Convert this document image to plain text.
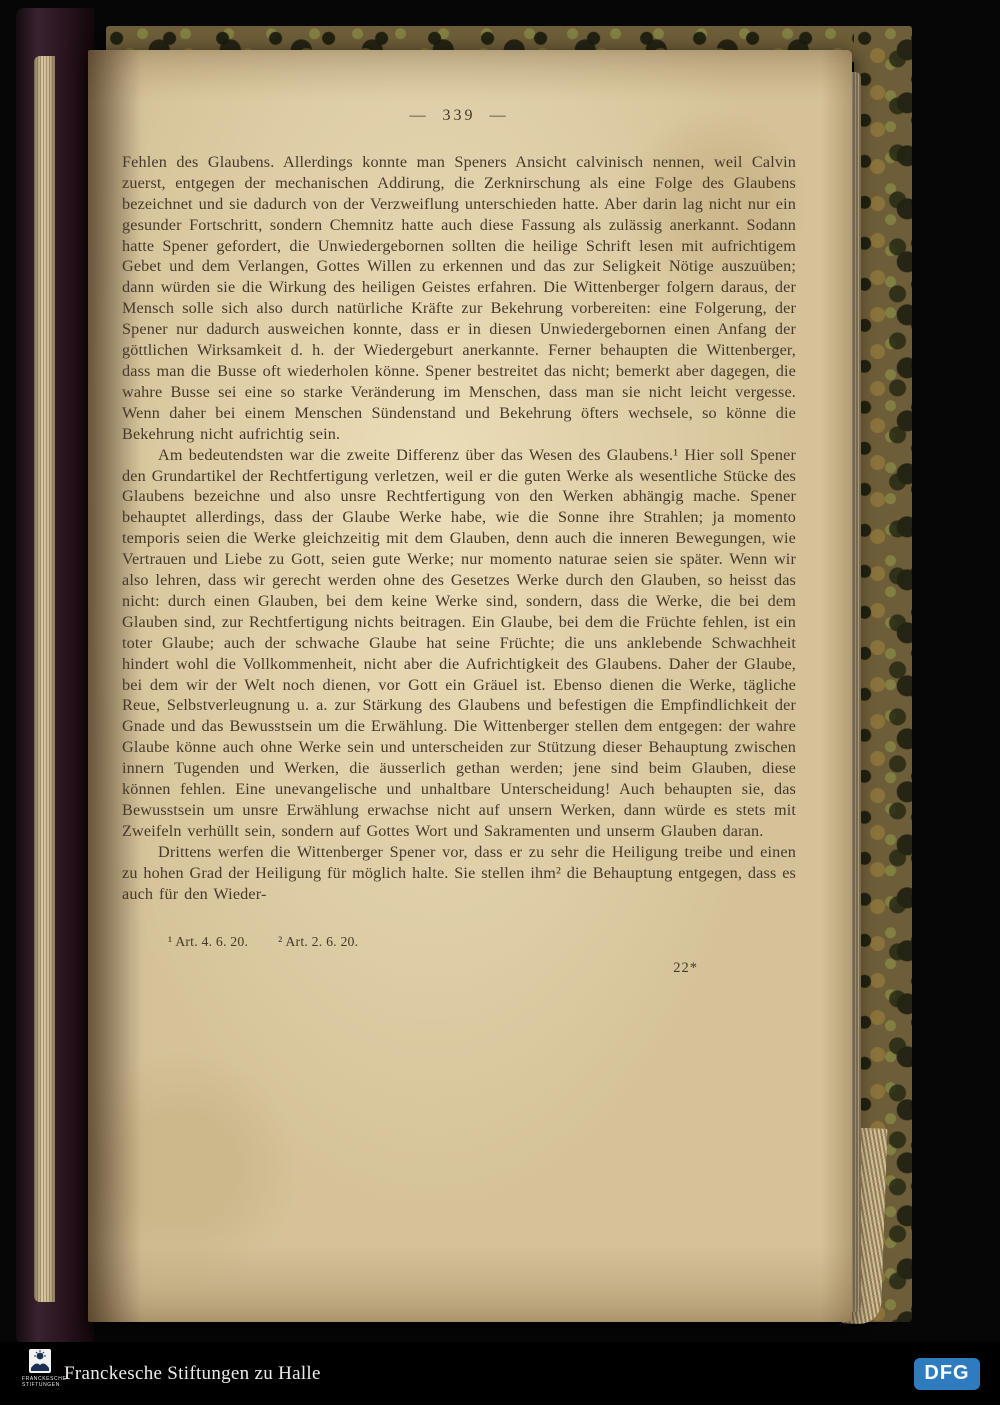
—  339  —

Fehlen des Glaubens. Allerdings konnte man Speners Ansicht calvinisch nennen, weil Calvin zuerst, entgegen der mechanischen Addirung, die Zerknirschung als eine Folge des Glaubens bezeichnet und sie dadurch von der Verzweiflung unterschieden hatte. Aber darin lag nicht nur ein gesunder Fortschritt, sondern Chemnitz hatte auch diese Fassung als zulässig anerkannt. Sodann hatte Spener gefordert, die Unwiedergebornen sollten die heilige Schrift lesen mit aufrichtigem Gebet und dem Verlangen, Gottes Willen zu erkennen und das zur Seligkeit Nötige auszuüben; dann würden sie die Wirkung des heiligen Geistes erfahren. Die Wittenberger folgern daraus, der Mensch solle sich also durch natürliche Kräfte zur Bekehrung vorbereiten: eine Folgerung, der Spener nur dadurch ausweichen konnte, dass er in diesen Unwiedergebornen einen Anfang der göttlichen Wirksamkeit d. h. der Wiedergeburt anerkannte. Ferner behaupten die Wittenberger, dass man die Busse oft wiederholen könne. Spener bestreitet das nicht; bemerkt aber dagegen, die wahre Busse sei eine so starke Veränderung im Menschen, dass man sie nicht leicht vergesse. Wenn daher bei einem Menschen Sündenstand und Bekehrung öfters wechsele, so könne die Bekehrung nicht aufrichtig sein.

Am bedeutendsten war die zweite Differenz über das Wesen des Glaubens.¹ Hier soll Spener den Grundartikel der Rechtfertigung verletzen, weil er die guten Werke als wesentliche Stücke des Glaubens bezeichne und also unsre Rechtfertigung von den Werken abhängig mache. Spener behauptet allerdings, dass der Glaube Werke habe, wie die Sonne ihre Strahlen; ja momento temporis seien die Werke gleichzeitig mit dem Glauben, denn auch die inneren Bewegungen, wie Vertrauen und Liebe zu Gott, seien gute Werke; nur momento naturae seien sie später. Wenn wir also lehren, dass wir gerecht werden ohne des Gesetzes Werke durch den Glauben, so heisst das nicht: durch einen Glauben, bei dem keine Werke sind, sondern, dass die Werke, die bei dem Glauben sind, zur Rechtfertigung nichts beitragen. Ein Glaube, bei dem die Früchte fehlen, ist ein toter Glaube; auch der schwache Glaube hat seine Früchte; die uns anklebende Schwachheit hindert wohl die Vollkommenheit, nicht aber die Aufrichtigkeit des Glaubens. Daher der Glaube, bei dem wir der Welt noch dienen, vor Gott ein Gräuel ist. Ebenso dienen die Werke, tägliche Reue, Selbstverleugnung u. a. zur Stärkung des Glaubens und befestigen die Empfindlichkeit der Gnade und das Bewusstsein um die Erwählung. Die Wittenberger stellen dem entgegen: der wahre Glaube könne auch ohne Werke sein und unterscheiden zur Stützung dieser Behauptung zwischen innern Tugenden und Werken, die äusserlich gethan werden; jene sind beim Glauben, diese können fehlen. Eine unevangelische und unhaltbare Unterscheidung! Auch behaupten sie, das Bewusstsein um unsre Erwählung erwachse nicht auf unsern Werken, dann würde es stets mit Zweifeln verhüllt sein, sondern auf Gottes Wort und Sakramenten und unserm Glauben daran.

Drittens werfen die Wittenberger Spener vor, dass er zu sehr die Heiligung treibe und einen zu hohen Grad der Heiligung für möglich halte. Sie stellen ihm² die Behauptung entgegen, dass es auch für den Wieder-

¹ Art. 4. 6. 20. ² Art. 2. 6. 20.
22*
FRANCKESCHE STIFTUNGEN
Franckesche Stiftungen zu Halle	DFG
